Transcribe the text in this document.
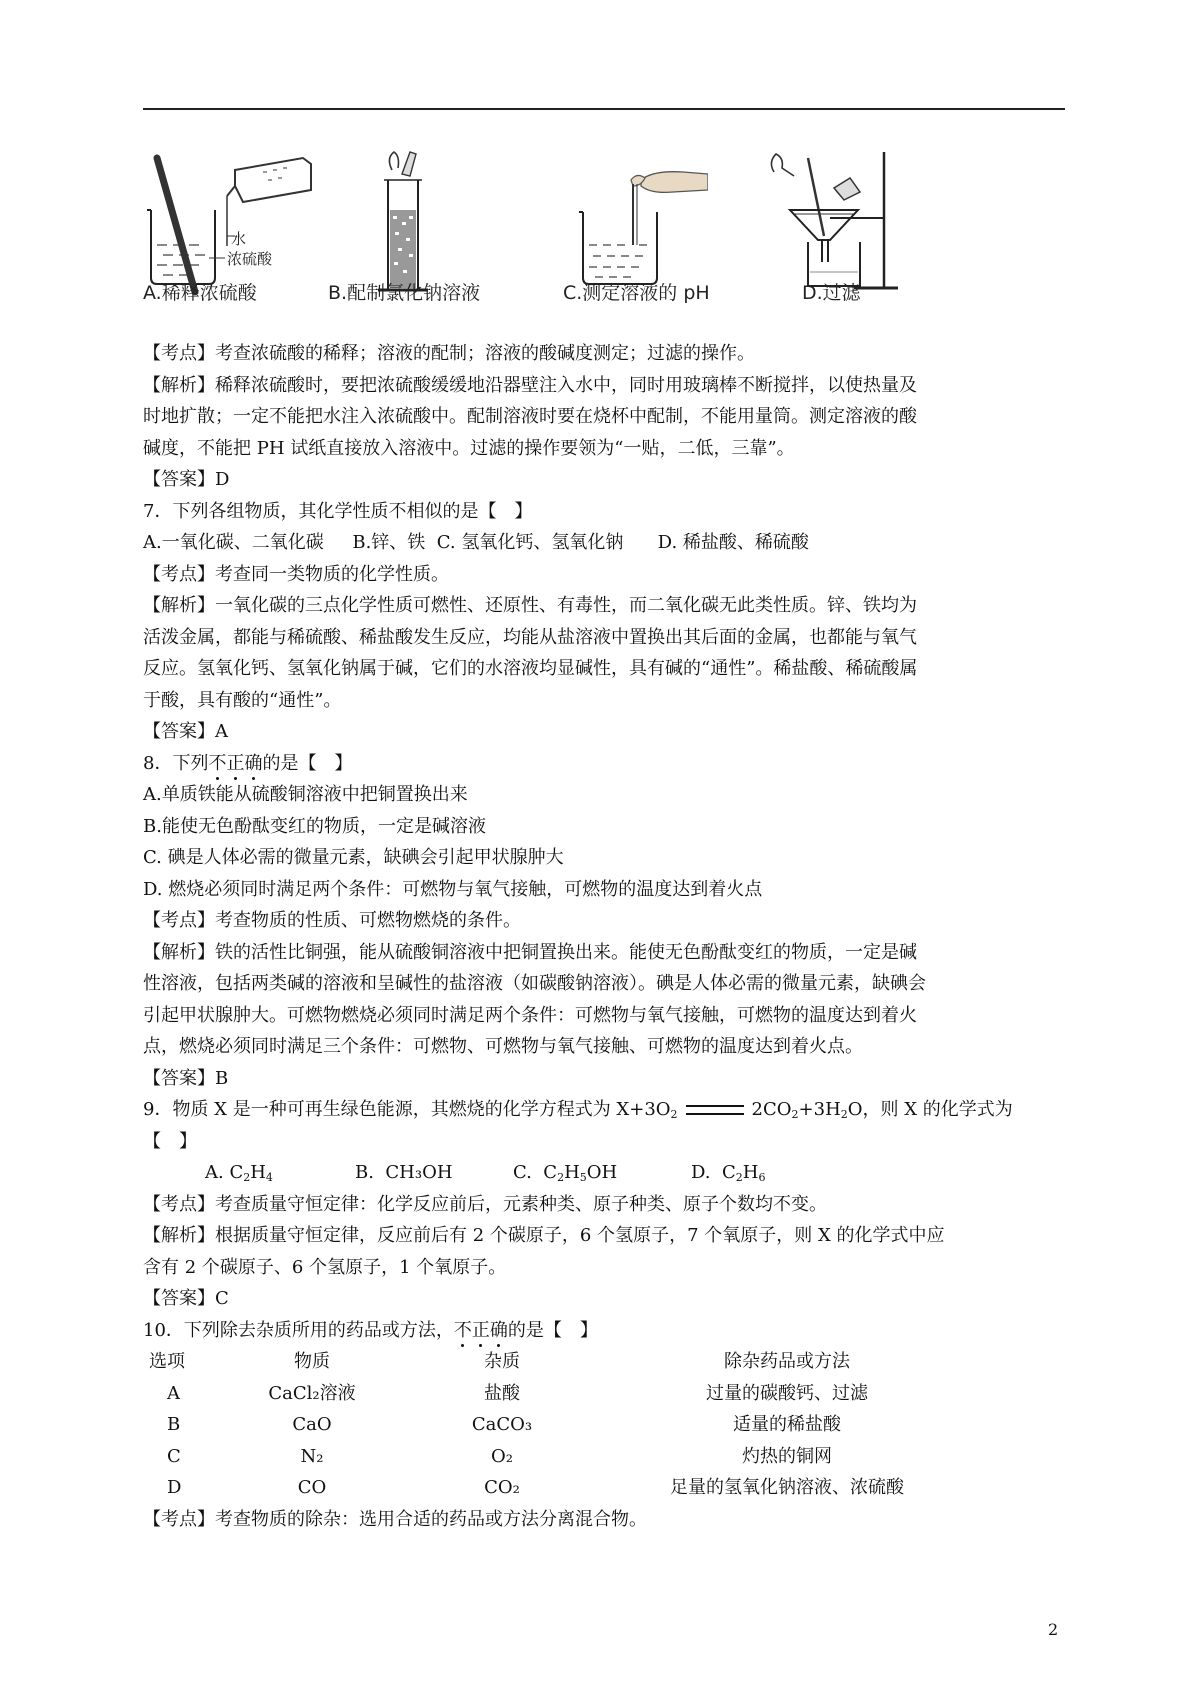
水
浓硫酸
A.稀释浓硫酸	B.配制氯化钠溶液	C.测定溶液的 pH	D.过滤

【考点】考查浓硫酸的稀释；溶液的配制；溶液的酸碱度测定；过滤的操作。

【解析】稀释浓硫酸时，要把浓硫酸缓缓地沿器壁注入水中，同时用玻璃棒不断搅拌，以使热量及

时地扩散；一定不能把水注入浓硫酸中。配制溶液时要在烧杯中配制，不能用量筒。测定溶液的酸

碱度，不能把 PH 试纸直接放入溶液中。过滤的操作要领为“一贴，二低，三靠”。

【答案】D

7．下列各组物质，其化学性质不相似的是【　】

A.一氧化碳、二氧化碳 B.锌、铁 C. 氢氧化钙、氢氧化钠 D. 稀盐酸、稀硫酸

【考点】考查同一类物质的化学性质。

【解析】一氧化碳的三点化学性质可燃性、还原性、有毒性，而二氧化碳无此类性质。锌、铁均为

活泼金属，都能与稀硫酸、稀盐酸发生反应，均能从盐溶液中置换出其后面的金属，也都能与氧气

反应。氢氧化钙、氢氧化钠属于碱，它们的水溶液均显碱性，具有碱的“通性”。稀盐酸、稀硫酸属

于酸，具有酸的“通性”。

【答案】A

8．下列不正确的是【　】

A.单质铁能从硫酸铜溶液中把铜置换出来

B.能使无色酚酞变红的物质，一定是碱溶液

C. 碘是人体必需的微量元素，缺碘会引起甲状腺肿大

D. 燃烧必须同时满足两个条件：可燃物与氧气接触，可燃物的温度达到着火点

【考点】考查物质的性质、可燃物燃烧的条件。

【解析】铁的活性比铜强，能从硫酸铜溶液中把铜置换出来。能使无色酚酞变红的物质，一定是碱

性溶液，包括两类碱的溶液和呈碱性的盐溶液（如碳酸钠溶液）。碘是人体必需的微量元素，缺碘会

引起甲状腺肿大。可燃物燃烧必须同时满足两个条件：可燃物与氧气接触，可燃物的温度达到着火

点，燃烧必须同时满足三个条件：可燃物、可燃物与氧气接触、可燃物的温度达到着火点。

【答案】B

9．物质 X 是一种可再生绿色能源，其燃烧的化学方程式为 $X+3O_2$	$2CO_2+3H_2O$，则 X 的化学式为

【　】

A. $C_2H_4$	B.  CH₃OH	C.  $C_2H_5OH$	D.  $C_2H_6$

【考点】考查质量守恒定律：化学反应前后，元素种类、原子种类、原子个数均不变。

【解析】根据质量守恒定律，反应前后有 2 个碳原子，6 个氢原子，7 个氧原子，则 X 的化学式中应

含有 2 个碳原子、6 个氢原子，1 个氧原子。

【答案】C

10．下列除去杂质所用的药品或方法，不正确的是【　】

选项	物质	杂质	除杂药品或方法
A	CaCl₂溶液	盐酸	过量的碳酸钙、过滤
B	CaO	CaCO₃	适量的稀盐酸
C	N₂	O₂	灼热的铜网
D	CO	CO₂	足量的氢氧化钠溶液、浓硫酸

【考点】考查物质的除杂：选用合适的药品或方法分离混合物。

2
